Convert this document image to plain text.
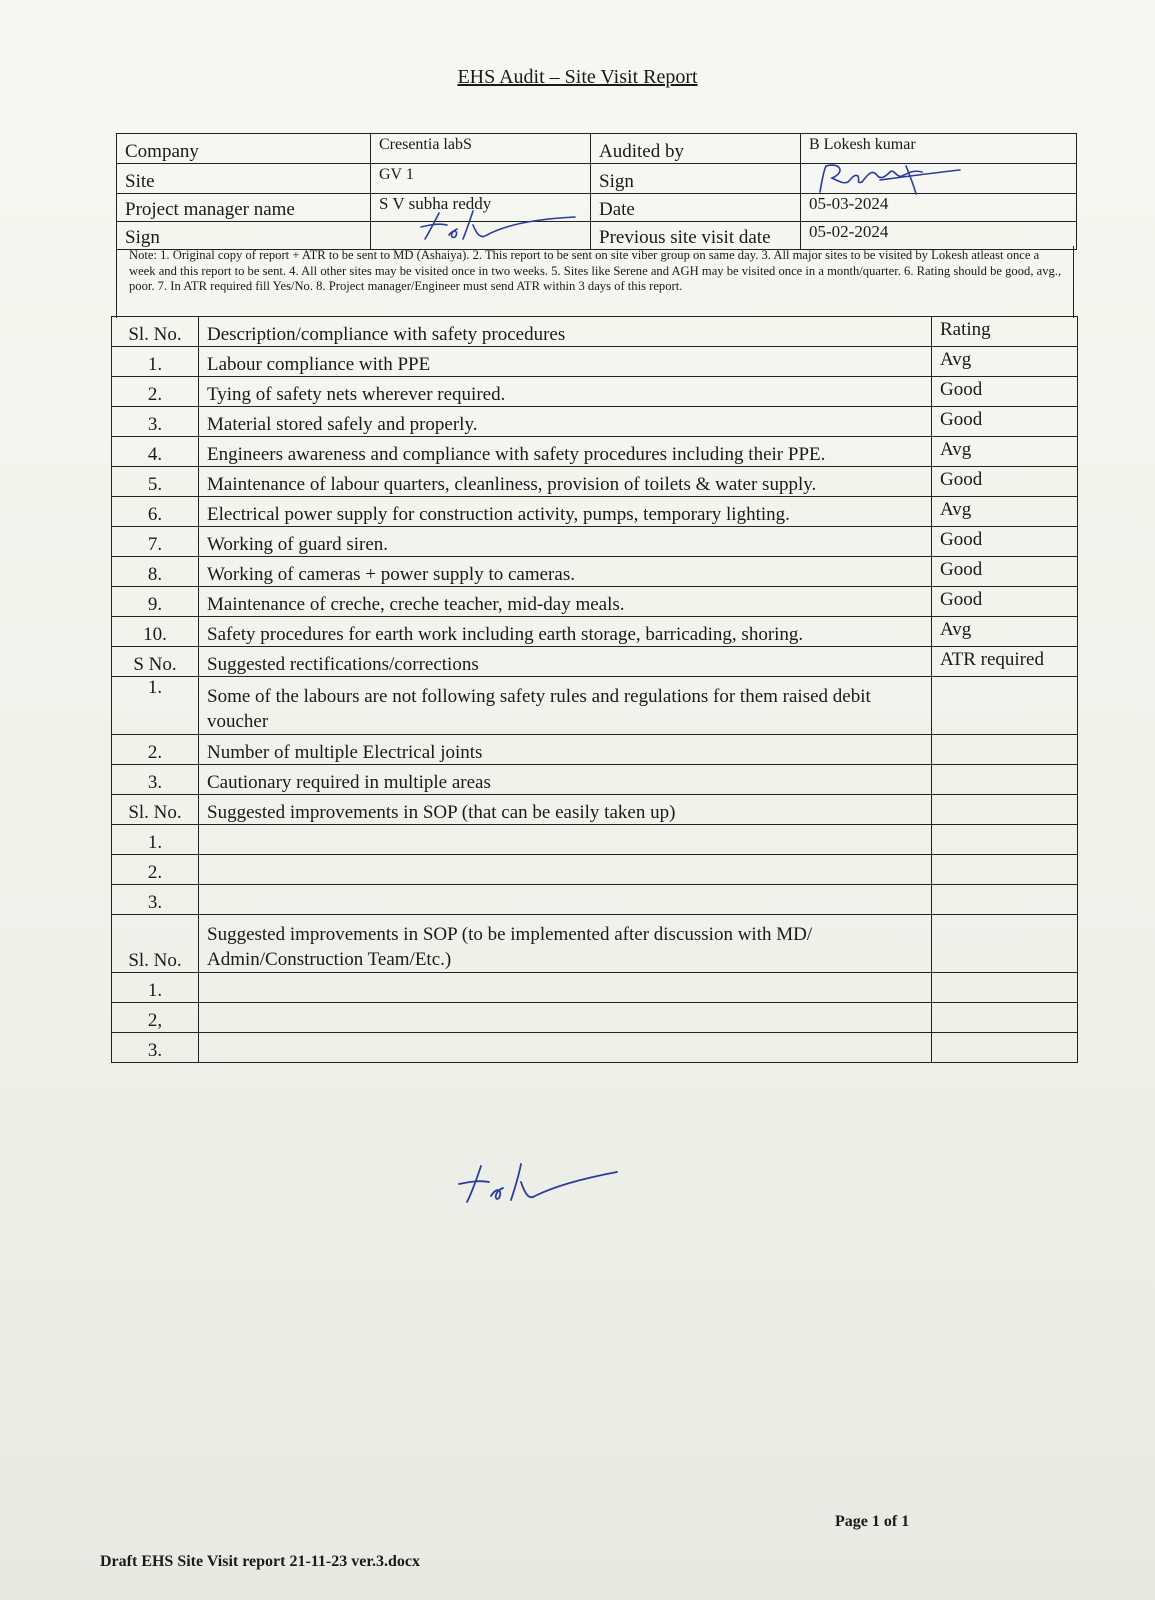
EHS Audit – Site Visit Report
Company	Cresentia labS	Audited by	B Lokesh kumar
Site	GV 1	Sign	
Project manager name	S V subha reddy	Date	05-03-2024
Sign		Previous site visit date	05-02-2024
Note: 1. Original copy of report + ATR to be sent to MD (Ashaiya). 2. This report to be sent on site viber group on same day. 3. All major sites to be visited by Lokesh atleast once a week and this report to be sent. 4. All other sites may be visited once in two weeks. 5. Sites like Serene and AGH may be visited once in a month/quarter. 6. Rating should be good, avg., poor. 7. In ATR required fill Yes/No. 8. Project manager/Engineer must send ATR within 3 days of this report.
Sl. No.	Description/compliance with safety procedures	Rating
1.	Labour compliance with PPE	Avg
2.	Tying of safety nets wherever required.	Good
3.	Material stored safely and properly.	Good
4.	Engineers awareness and compliance with safety procedures including their PPE.	Avg
5.	Maintenance of labour quarters, cleanliness, provision of toilets & water supply.	Good
6.	Electrical power supply for construction activity, pumps, temporary lighting.	Avg
7.	Working of guard siren.	Good
8.	Working of cameras + power supply to cameras.	Good
9.	Maintenance of creche, creche teacher, mid-day meals.	Good
10.	Safety procedures for earth work including earth storage, barricading, shoring.	Avg
S No.	Suggested rectifications/corrections	ATR required
1.	Some of the labours are not following safety rules and regulations for them raised debit voucher	
2.	Number of multiple Electrical joints	
3.	Cautionary required in multiple areas	
Sl. No.	Suggested improvements in SOP (that can be easily taken up)	
1.		
2.		
3.		
Sl. No.	Suggested improvements in SOP (to be implemented after discussion with MD/ Admin/Construction Team/Etc.)	
1.		
2,		
3.		
Page 1 of 1
Draft EHS Site Visit report 21-11-23 ver.3.docx
